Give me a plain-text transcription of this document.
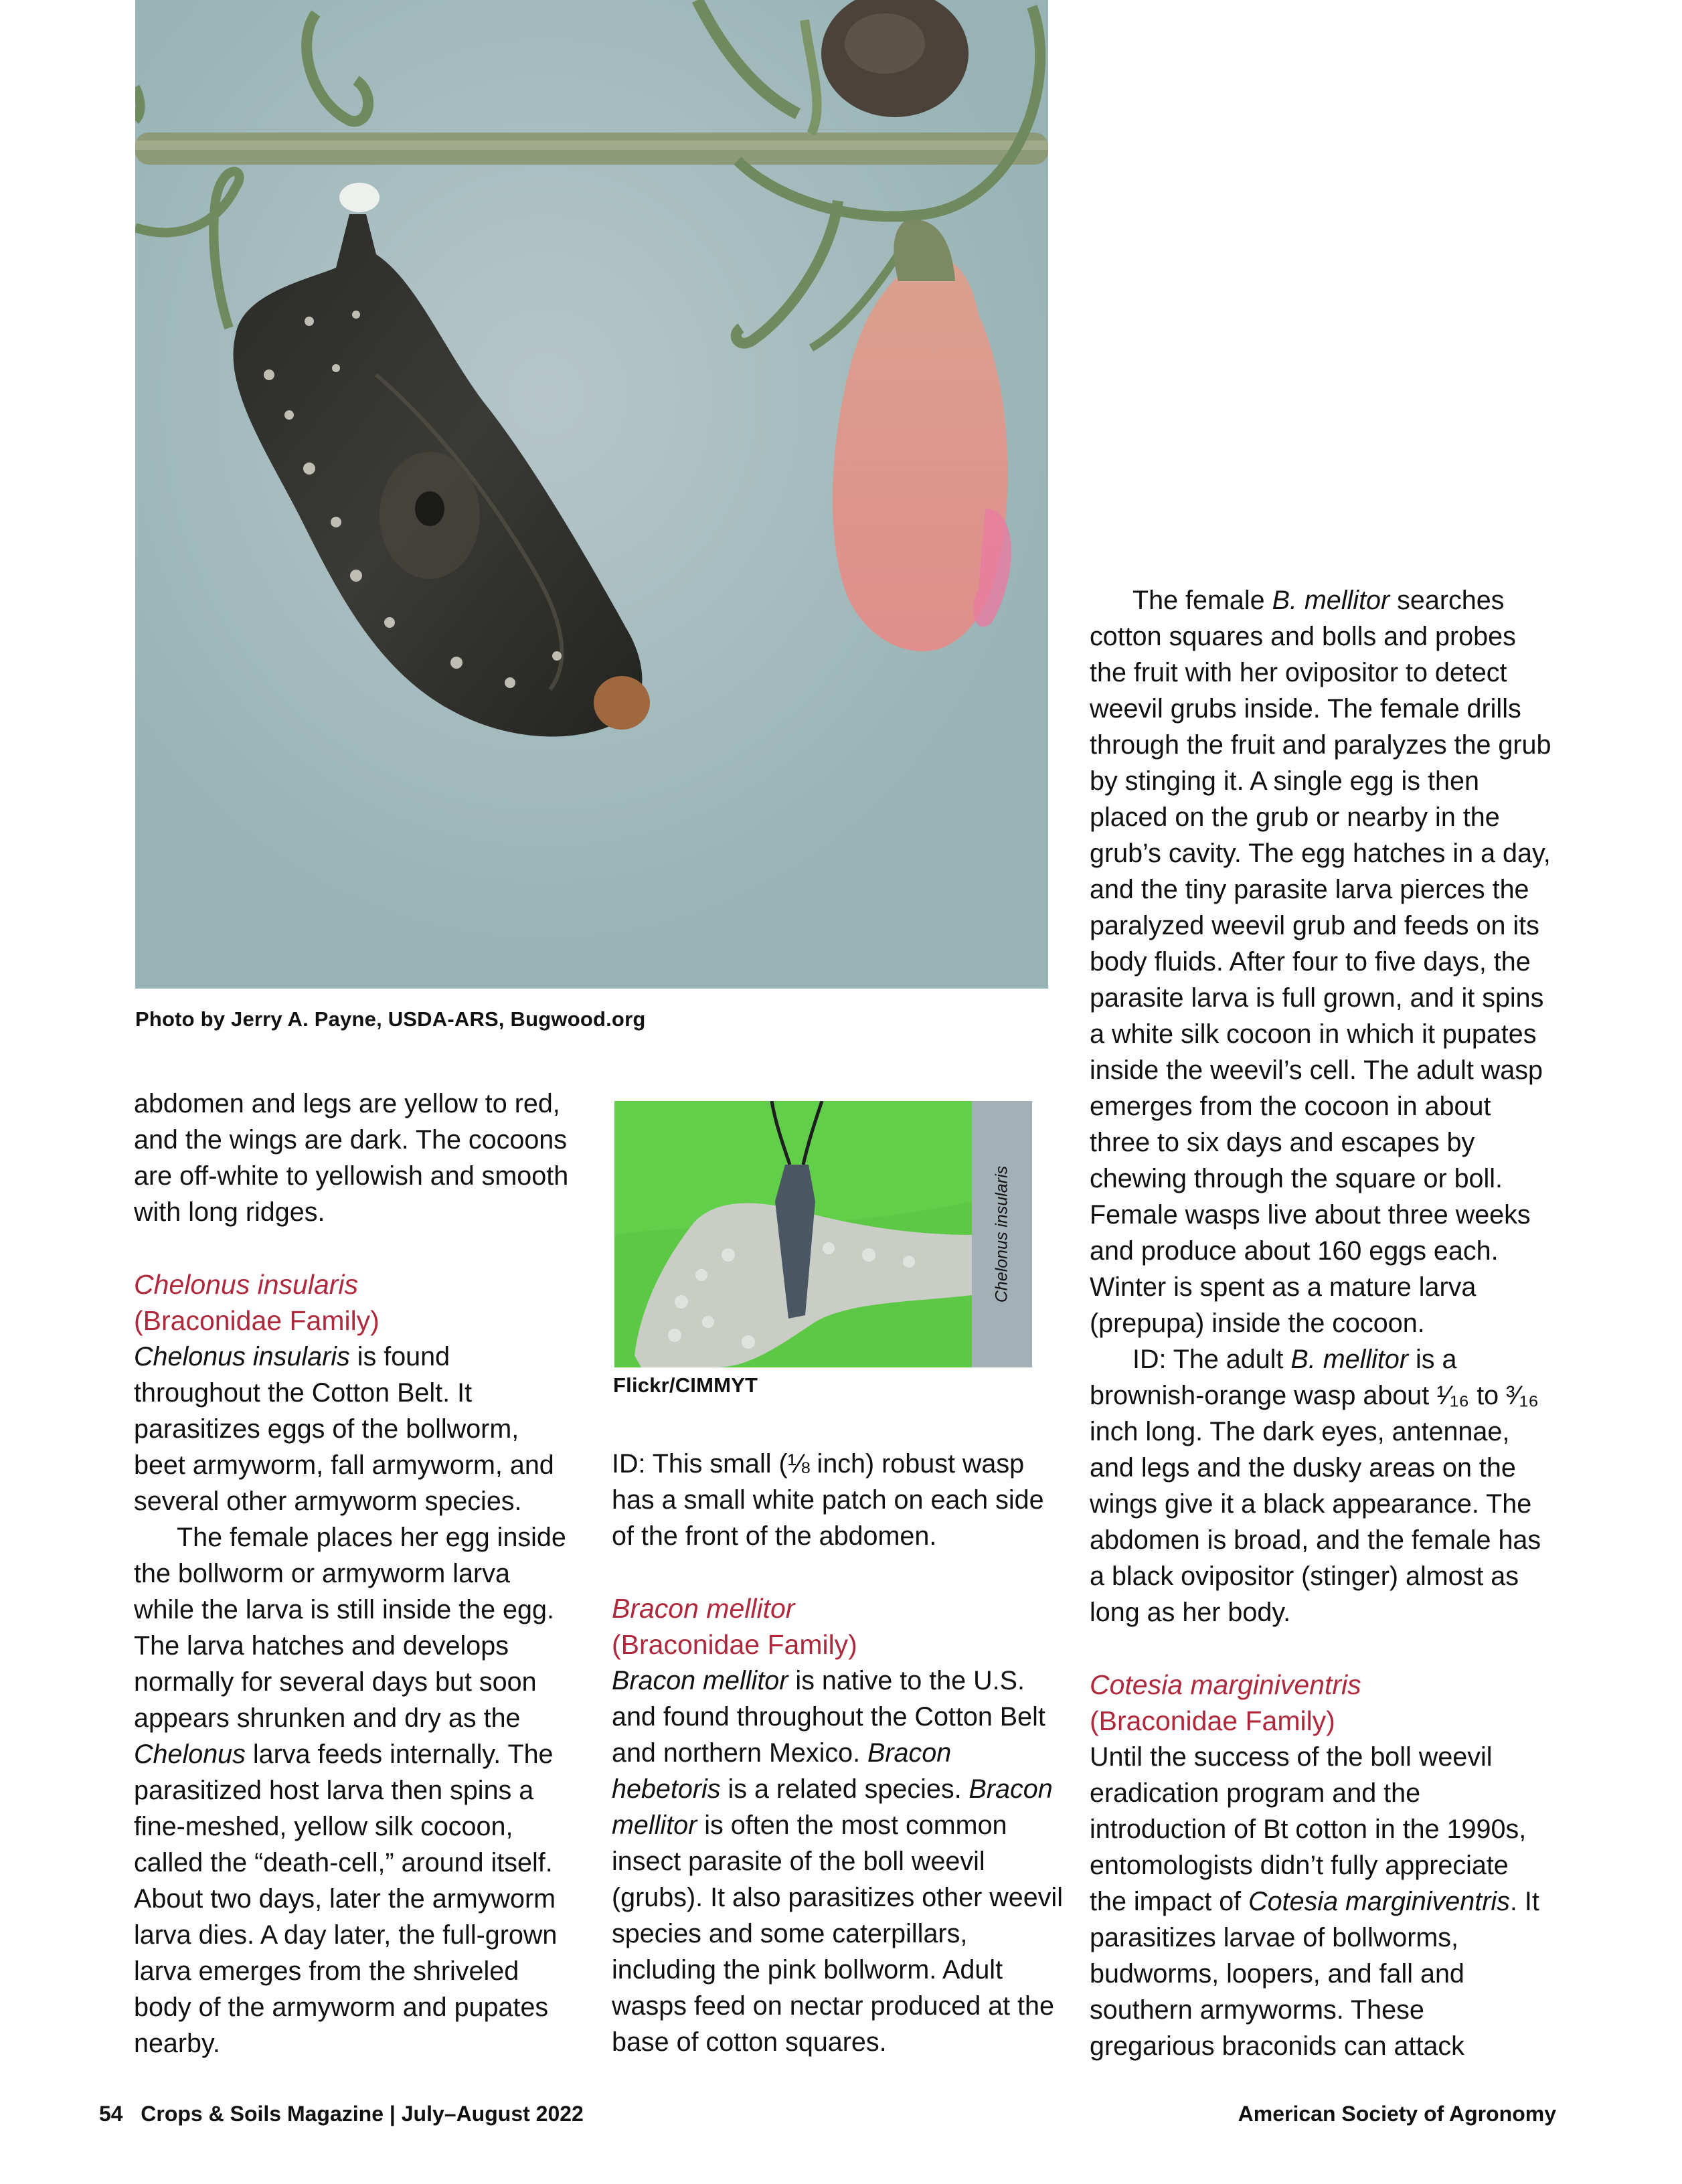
Photo by Jerry A. Payne, USDA-ARS, Bugwood.org

abdomen and legs are yellow to red, and the wings are dark. The cocoons are off-white to yellowish and smooth with long ridges.

Chelonus insularis

(Braconidae Family)

Chelonus insularis is found throughout the Cotton Belt. It parasitizes eggs of the bollworm, beet armyworm, fall armyworm, and several other armyworm species.

The female places her egg inside the bollworm or armyworm larva while the larva is still inside the egg. The larva hatches and develops normally for several days but soon appears shrunken and dry as the Chelonus larva feeds internally. The parasitized host larva then spins a fine-meshed, yellow silk cocoon, called the “death-cell,” around itself. About two days, later the armyworm larva dies. A day later, the full-grown larva emerges from the shriveled body of the armyworm and pupates nearby.

Chelonus insularis
Flickr/CIMMYT

ID: This small (⅛ inch) robust wasp has a small white patch on each side of the front of the abdomen.

Bracon mellitor

(Braconidae Family)

Bracon mellitor is native to the U.S. and found throughout the Cotton Belt and northern Mexico. Bracon hebetoris is a related species. Bracon mellitor is often the most common insect parasite of the boll weevil (grubs). It also parasitizes other weevil species and some caterpillars, including the pink bollworm. Adult wasps feed on nectar produced at the base of cotton squares.

The female B. mellitor searches cotton squares and bolls and probes the fruit with her ovipositor to detect weevil grubs inside. The female drills through the fruit and paralyzes the grub by stinging it. A single egg is then placed on the grub or nearby in the grub’s cavity. The egg hatches in a day, and the tiny parasite larva pierces the paralyzed weevil grub and feeds on its body fluids. After four to five days, the parasite larva is full grown, and it spins a white silk cocoon in which it pupates inside the weevil’s cell. The adult wasp emerges from the cocoon in about three to six days and escapes by chewing through the square or boll. Female wasps live about three weeks and produce about 160 eggs each. Winter is spent as a mature larva (prepupa) inside the cocoon.

ID: The adult B. mellitor is a brownish-orange wasp about ¹⁄₁₆ to ³⁄₁₆ inch long. The dark eyes, antennae, and legs and the dusky areas on the wings give it a black appearance. The abdomen is broad, and the female has a black ovipositor (stinger) almost as long as her body.

Cotesia marginiventris

(Braconidae Family)

Until the success of the boll weevil eradication program and the introduction of Bt cotton in the 1990s, entomologists didn’t fully appreciate the impact of Cotesia marginiventris. It parasitizes larvae of bollworms, budworms, loopers, and fall and southern armyworms. These gregarious braconids can attack

54 Crops & Soils Magazine | July–August 2022	American Society of Agronomy
